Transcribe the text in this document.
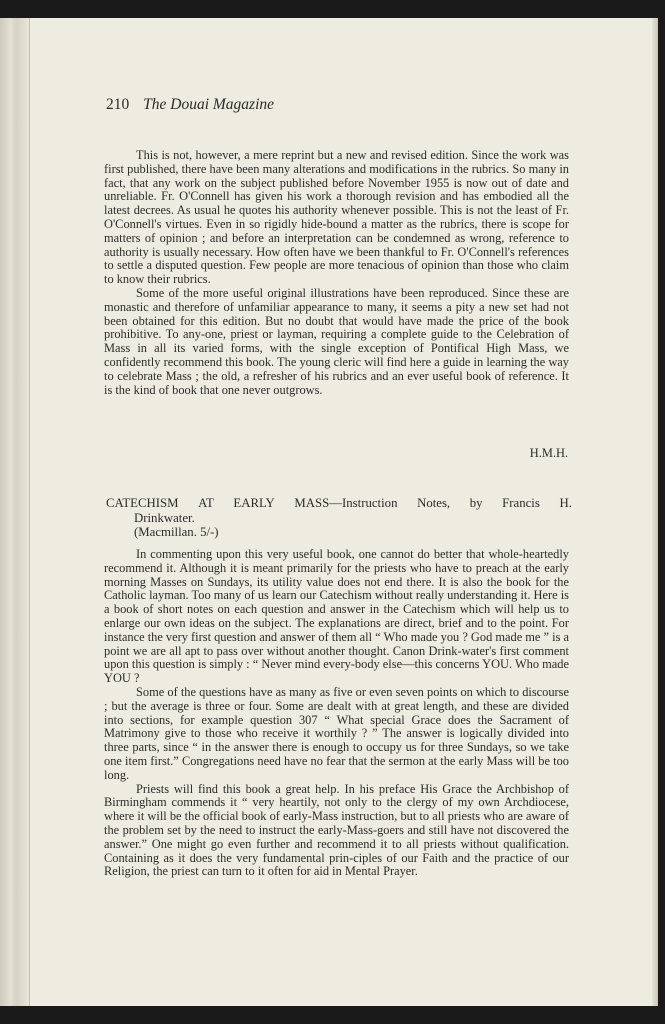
210 The Douai Magazine

This is not, however, a mere reprint but a new and revised edition. Since the work was first published, there have been many alterations and modifications in the rubrics. So many in fact, that any work on the subject published before November 1955 is now out of date and unreliable. Fr. O'Connell has given his work a thorough revision and has embodied all the latest decrees. As usual he quotes his authority whenever possible. This is not the least of Fr. O'Connell's virtues. Even in so rigidly hide-bound a matter as the rubrics, there is scope for matters of opinion ; and before an interpretation can be condemned as wrong, reference to authority is usually necessary. How often have we been thankful to Fr. O'Connell's references to settle a disputed question. Few people are more tenacious of opinion than those who claim to know their rubrics.

Some of the more useful original illustrations have been reproduced. Since these are monastic and therefore of unfamiliar appearance to many, it seems a pity a new set had not been obtained for this edition. But no doubt that would have made the price of the book prohibitive. To any-one, priest or layman, requiring a complete guide to the Celebration of Mass in all its varied forms, with the single exception of Pontifical High Mass, we confidently recommend this book. The young cleric will find here a guide in learning the way to celebrate Mass ; the old, a refresher of his rubrics and an ever useful book of reference. It is the kind of book that one never outgrows.

H.M.H.
CATECHISM AT EARLY MASS—Instruction Notes, by Francis H.
Drinkwater.
(Macmillan. 5/-)

In commenting upon this very useful book, one cannot do better that whole-heartedly recommend it. Although it is meant primarily for the priests who have to preach at the early morning Masses on Sundays, its utility value does not end there. It is also the book for the Catholic layman. Too many of us learn our Catechism without really understanding it. Here is a book of short notes on each question and answer in the Catechism which will help us to enlarge our own ideas on the subject. The explanations are direct, brief and to the point. For instance the very first question and answer of them all “ Who made you ? God made me ” is a point we are all apt to pass over without another thought. Canon Drink-water's first comment upon this question is simply : “ Never mind every-body else—this concerns YOU. Who made YOU ?

Some of the questions have as many as five or even seven points on which to discourse ; but the average is three or four. Some are dealt with at great length, and these are divided into sections, for example question 307 “ What special Grace does the Sacrament of Matrimony give to those who receive it worthily ? ” The answer is logically divided into three parts, since “ in the answer there is enough to occupy us for three Sundays, so we take one item first.” Congregations need have no fear that the sermon at the early Mass will be too long.

Priests will find this book a great help. In his preface His Grace the Archbishop of Birmingham commends it “ very heartily, not only to the clergy of my own Archdiocese, where it will be the official book of early-Mass instruction, but to all priests who are aware of the problem set by the need to instruct the early-Mass-goers and still have not discovered the answer.” One might go even further and recommend it to all priests without qualification. Containing as it does the very fundamental prin-ciples of our Faith and the practice of our Religion, the priest can turn to it often for aid in Mental Prayer.
